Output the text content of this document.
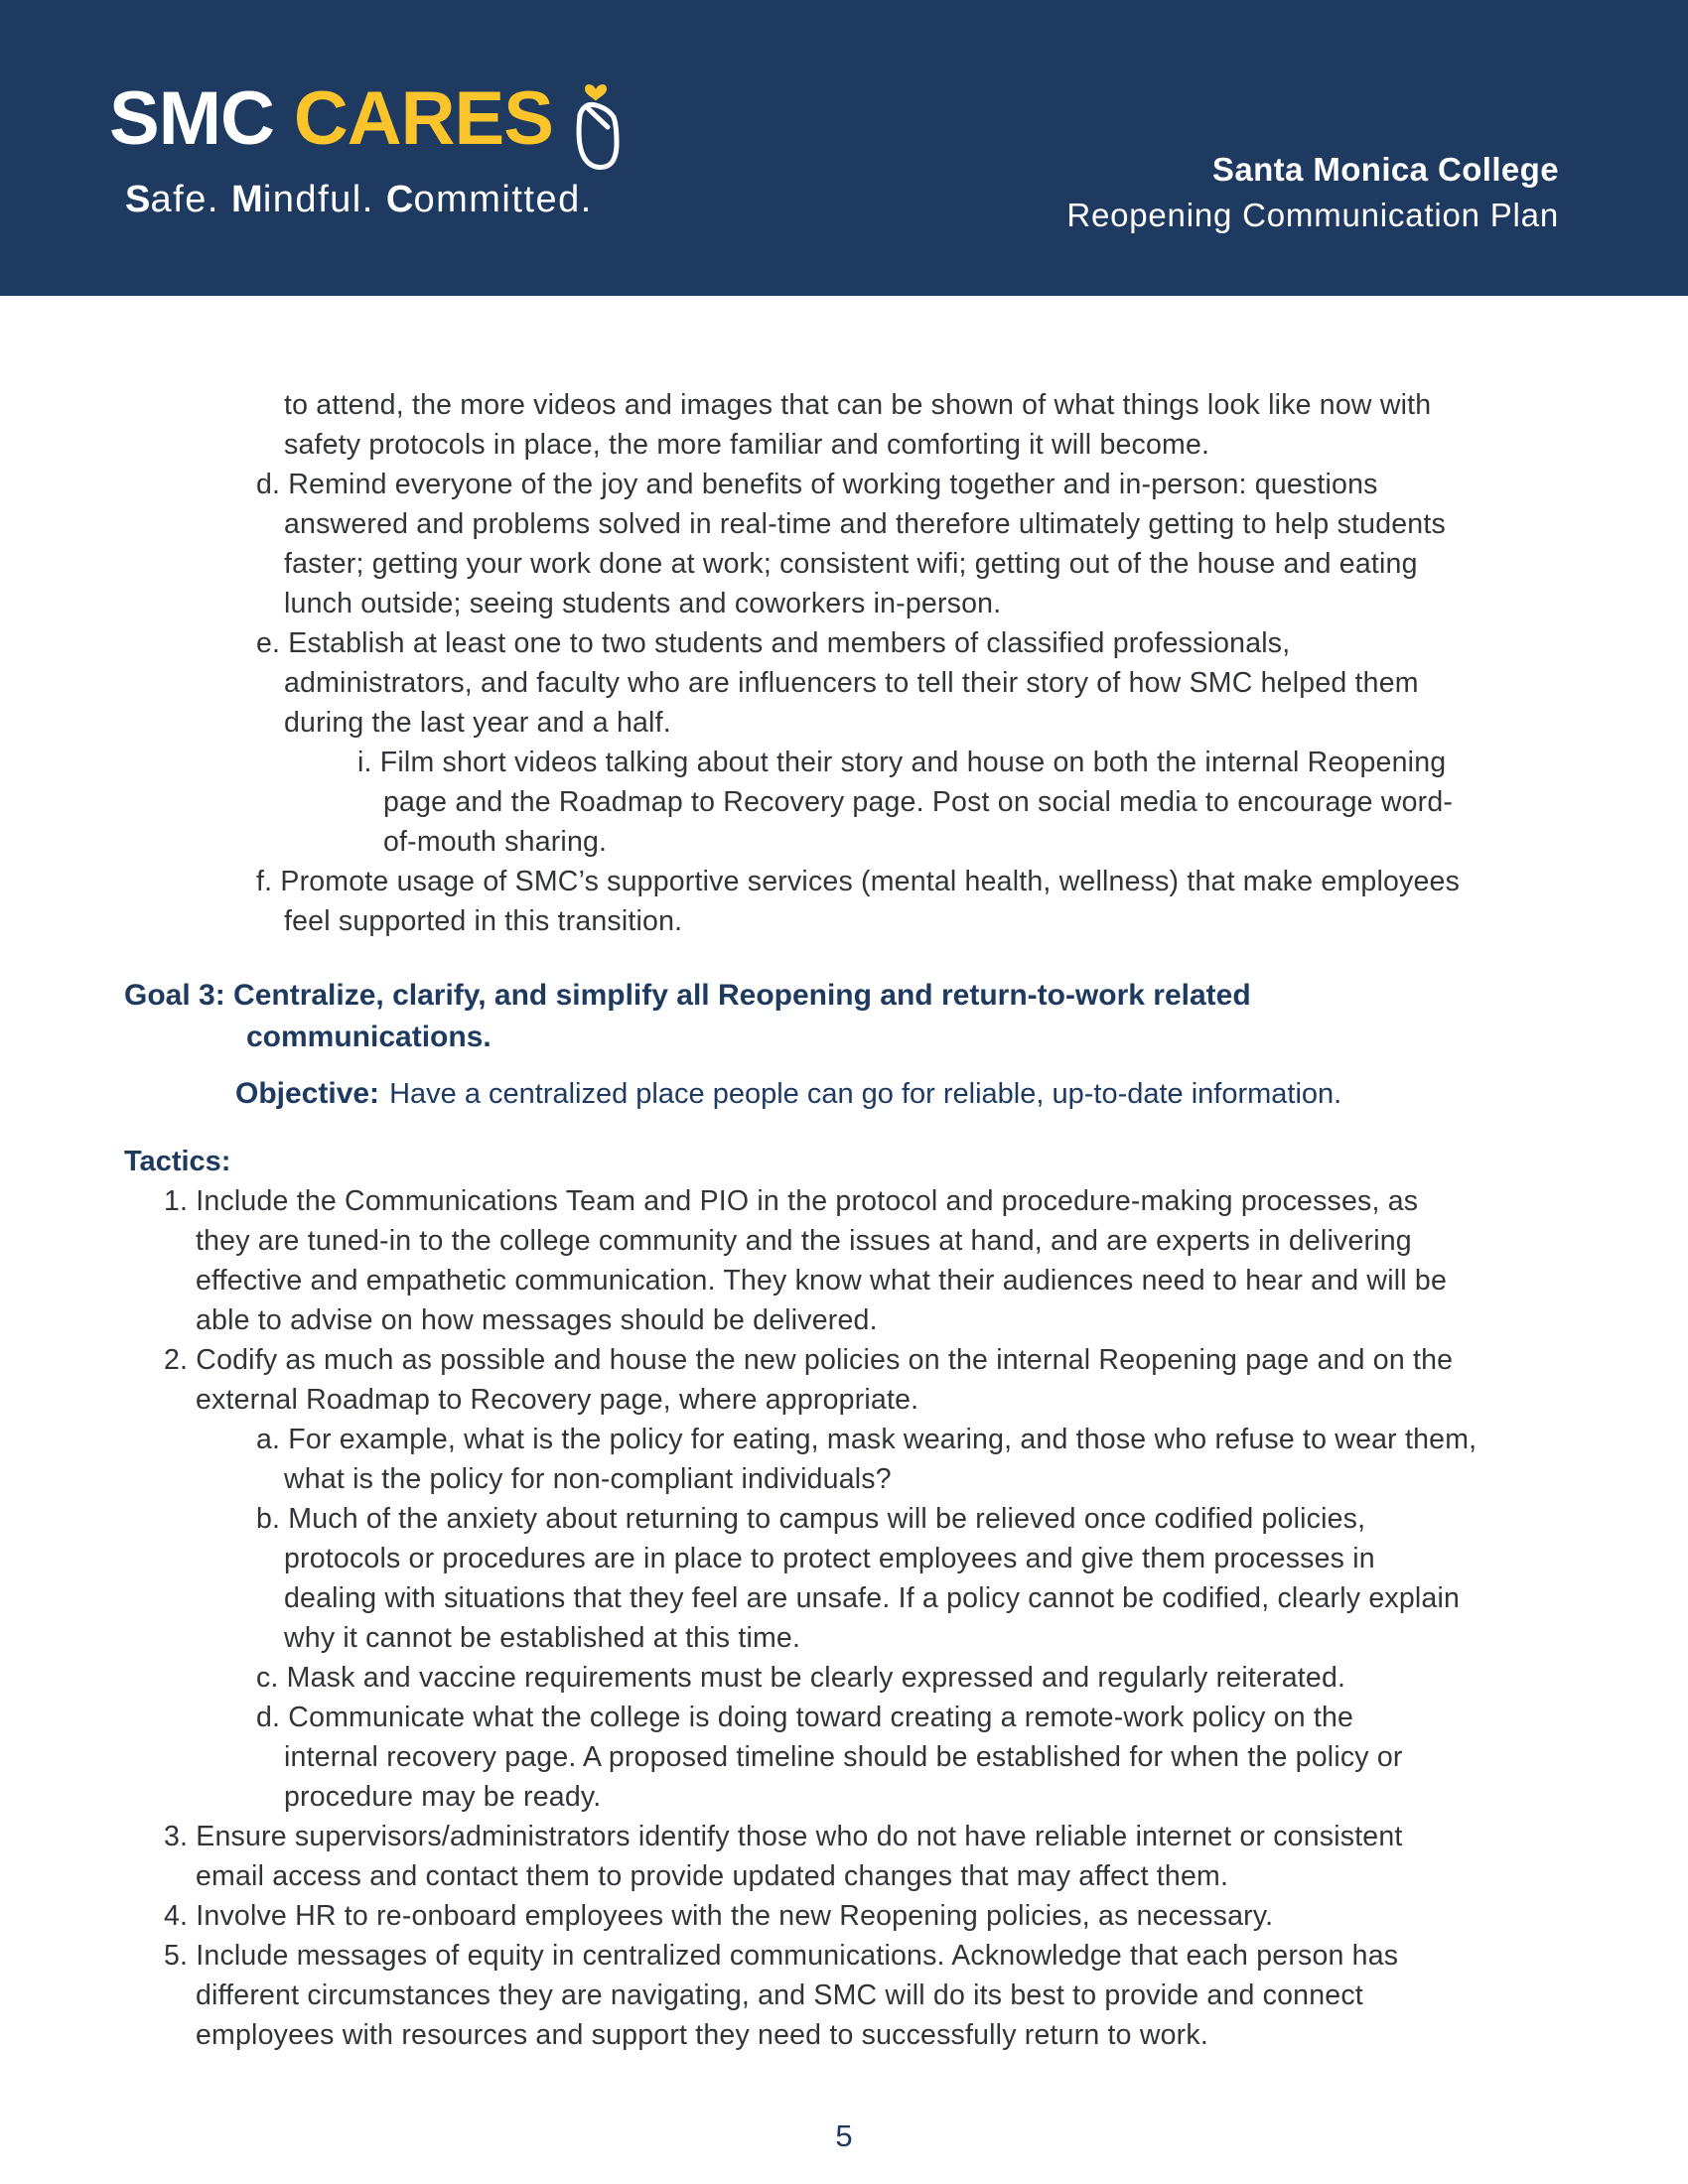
SMC CARES
Safe. Mindful. Committed.
Santa Monica College
Reopening Communication Plan
to attend, the more videos and images that can be shown of what things look like now with
safety protocols in place, the more familiar and comforting it will become.
d. Remind everyone of the joy and benefits of working together and in-person: questions
answered and problems solved in real-time and therefore ultimately getting to help students
faster; getting your work done at work; consistent wifi; getting out of the house and eating
lunch outside; seeing students and coworkers in-person.
e. Establish at least one to two students and members of classified professionals,
administrators, and faculty who are influencers to tell their story of how SMC helped them
during the last year and a half.
i. Film short videos talking about their story and house on both the internal Reopening
page and the Roadmap to Recovery page. Post on social media to encourage word-
of-mouth sharing.
f. Promote usage of SMC’s supportive services (mental health, wellness) that make employees
feel supported in this transition.
Goal 3: Centralize, clarify, and simplify all Reopening and return-to-work related
communications.
Objective: Have a centralized place people can go for reliable, up-to-date information.
Tactics:
1. Include the Communications Team and PIO in the protocol and procedure-making processes, as
they are tuned-in to the college community and the issues at hand, and are experts in delivering
effective and empathetic communication. They know what their audiences need to hear and will be
able to advise on how messages should be delivered.
2. Codify as much as possible and house the new policies on the internal Reopening page and on the
external Roadmap to Recovery page, where appropriate.
a. For example, what is the policy for eating, mask wearing, and those who refuse to wear them,
what is the policy for non-compliant individuals?
b. Much of the anxiety about returning to campus will be relieved once codified policies,
protocols or procedures are in place to protect employees and give them processes in
dealing with situations that they feel are unsafe. If a policy cannot be codified, clearly explain
why it cannot be established at this time.
c. Mask and vaccine requirements must be clearly expressed and regularly reiterated.
d. Communicate what the college is doing toward creating a remote-work policy on the
internal recovery page. A proposed timeline should be established for when the policy or
procedure may be ready.
3. Ensure supervisors/administrators identify those who do not have reliable internet or consistent
email access and contact them to provide updated changes that may affect them.
4. Involve HR to re-onboard employees with the new Reopening policies, as necessary.
5. Include messages of equity in centralized communications. Acknowledge that each person has
different circumstances they are navigating, and SMC will do its best to provide and connect
employees with resources and support they need to successfully return to work.
5
